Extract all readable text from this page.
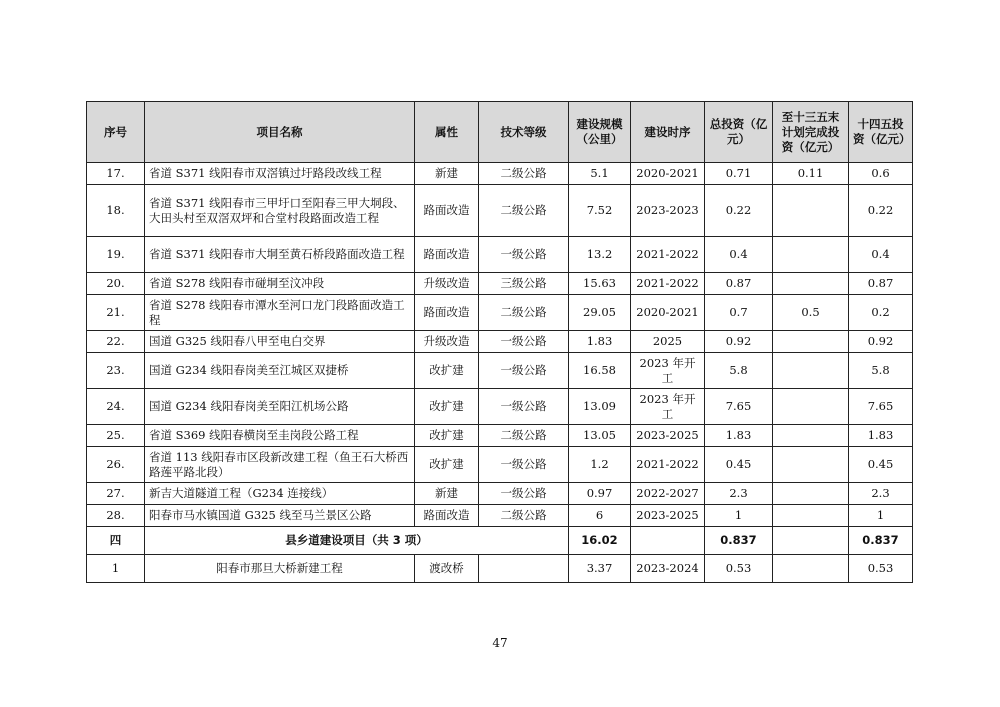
序号	项目名称	属性	技术等级	建设规模（公里）	建设时序	总投资（亿元）	至十三五末计划完成投资（亿元）	十四五投资（亿元）
17.	省道 S371 线阳春市双滘镇过圩路段改线工程	新建	二级公路	5.1	2020-2021	0.71	0.11	0.6
18.	省道 S371 线阳春市三甲圩口至阳春三甲大垌段、大田头村至双滘双坪和合堂村段路面改造工程	路面改造	二级公路	7.52	2023-2023	0.22		0.22
19.	省道 S371 线阳春市大垌至黄石桥段路面改造工程	路面改造	一级公路	13.2	2021-2022	0.4		0.4
20.	省道 S278 线阳春市碰垌至汶冲段	升级改造	三级公路	15.63	2021-2022	0.87		0.87
21.	省道 S278 线阳春市潭水至河口龙门段路面改造工程	路面改造	二级公路	29.05	2020-2021	0.7	0.5	0.2
22.	国道 G325 线阳春八甲至电白交界	升级改造	一级公路	1.83	2025	0.92		0.92
23.	国道 G234 线阳春岗美至江城区双捷桥	改扩建	一级公路	16.58	2023 年开工	5.8		5.8
24.	国道 G234 线阳春岗美至阳江机场公路	改扩建	一级公路	13.09	2023 年开工	7.65		7.65
25.	省道 S369 线阳春横岗至圭岗段公路工程	改扩建	二级公路	13.05	2023-2025	1.83		1.83
26.	省道 113 线阳春市区段新改建工程（鱼王石大桥西路莲平路北段）	改扩建	一级公路	1.2	2021-2022	0.45		0.45
27.	新吉大道隧道工程（G234 连接线）	新建	一级公路	0.97	2022-2027	2.3		2.3
28.	阳春市马水镇国道 G325 线至马兰景区公路	路面改造	二级公路	6	2023-2025	1		1
四	县乡道建设项目（共 3 项）			16.02		0.837		0.837
1	阳春市那旦大桥新建工程	渡改桥		3.37	2023-2024	0.53		0.53
47
